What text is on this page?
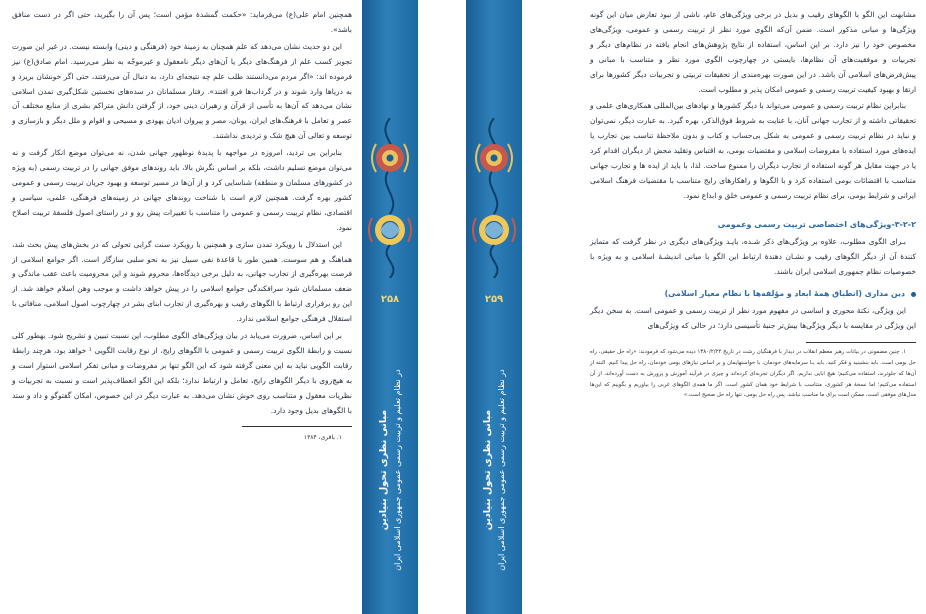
همچنین امام علی(ع) می‌فرماید: «حکمت گمشدهٔ مؤمن است؛ پس آن را بگیرید، حتی اگر در دست منافق باشد».

این دو حدیث نشان می‌دهد که علم همچنان به زمینهٔ خود (فرهنگی و دینی) وابسته نیست. در غیر این صورت تجویز کسب علم از فرهنگ‌های دیگر یا آن‌های دیگر نامعقول و غیرموجّه به نظر می‌رسید. امام صادق(ع) نیز فرموده اند: «اگر مردم می‌دانستند طلب علم چه نتیجه‌ای دارد، به دنبال آن می‌رفتند، حتی اگر خونشان بریزد و به دریاها وارد شوند و در گرداب‌ها فرو افتند». رفتار مسلمانان در سده‌های نخستین شکل‌گیری تمدن اسلامی نشان می‌دهد که آن‌ها به تأسی از قرآن و رهبران دینی خود، از گرفتن دانش متراکم بشری از منابع مختلف آن عصر و تعامل با فرهنگ‌های ایران، یونان، مصر و پیروان ادیان یهودی و مسیحی و اقوام و ملل دیگر و بازسازی و توسعه و تعالی آن هیچ شک و تردیدی نداشتند.

بنابراین بی تردید، امروزه در مواجهه با پدیدهٔ نوظهور جهانی شدن، نه می‌توان موضع انکار گرفت و نه می‌توان موضع تسلیم داشت، بلکه بر اساس نگرش بالا، باید روندهای موفق جهانی را در تربیت رسمی (به ویژه در کشورهای مسلمان و منطقه) شناسایی کرد و از آن‌ها در مسیر توسعه و بهبود جریان تربیت رسمی و عمومی کشور بهره گرفت. همچنین لازم است با شناخت روندهای جهانی در زمینه‌های فرهنگی، علمی، سیاسی و اقتصادی، نظام تربیت رسمی و عمومی را متناسب با تغییرات پیش رو و در راستای اصول فلسفهٔ تربیت اصلاح نمود.

این استدلال با رویکرد تمدن سازی و همچنین با رویکرد سنت گرایی تحولی که در بخش‌های پیش بحث شد، هماهنگ و هم سوست. همین طور با قاعدهٔ نفی سبیل نیز به نحو سلبی سازگار است. اگر جوامع اسلامی از فرصت بهره‌گیری از تجارب جهانی، به دلیل برخی دیدگاه‌ها، محروم شوند و این محرومیت باعث عقب ماندگی و ضعف مسلمانان شود سرافکندگی جوامع اسلامی را در پیش خواهد داشت و موجب وهن اسلام خواهد شد. از این رو برقراری ارتباط با الگوهای رقیب و بهره‌گیری از تجارب ابنای بشر در چهارچوب اصول اسلامی، منافاتی با استقلال فرهنگی جوامع اسلامی ندارد.

بر این اساس، ضرورت می‌یابد در بیان ویژگی‌های الگوی مطلوب، این نسبت تبیین و تشریح شود. بهطور کلی نسبت و رابطهٔ الگوی تربیت رسمی و عمومی با الگوهای رایج، از نوع رقابت الگویی ¹ خواهد بود، هرچند رابطهٔ رقابت الگویی نباید به این معنی گرفته شود که این الگو تنها بر مفروضات و مبانی تفکر اسلامی استوار است و به هیچ‌روی با دیگر الگوهای رایج، تعامل و ارتباط ندارد؛ بلکه این الگو انعطاف‌پذیر است و نسبت به تجربیات و نظریات معقول و متناسب روی خوش نشان می‌دهد. به عبارت دیگر در این خصوص، امکان گفتوگو و داد و ستد با الگوهای بدیل وجود دارد.

۱. باقری، ۱۳۸۴

۲۵۸
مبانی نظری تحول بنیادین در نظام تعلیم و تربیت رسمی عمومی جمهوری اسلامی ایران
۲۵۹
مبانی نظری تحول بنیادین در نظام تعلیم و تربیت رسمی عمومی جمهوری اسلامی ایران

مشابهت این الگو با الگوهای رقیب و بدیل در برخی ویژگی‌های عام، ناشی از نبود تعارض میان این گونه ویژگی‌ها و مبانی مذکور است. ضمن آن‌که الگوی مورد نظر از تربیت رسمی و عمومی، ویژگی‌های مخصوص خود را نیز دارد. بر این اساس، استفاده از نتایج پژوهش‌های انجام یافته در نظام‌های دیگر و تجربیات و موفقیت‌های آن نظام‌ها، بایستی در چهارچوب الگوی مورد نظر و متناسب با مبانی و پیش‌فرض‌های اسلامی آن باشد. در این صورت بهره‌مندی از تحقیقات تربیتی و تجربیات دیگر کشورها برای ارتقا و بهبود کیفیت تربیت رسمی و عمومی امکان پذیر و مطلوب است.

بنابراین نظام تربیت رسمی و عمومی می‌تواند با دیگر کشورها و نهادهای بین‌المللی همکاری‌های علمی و تحقیقاتی داشته و از تجارب جهانی آنان، با عنایت به شروط فوق‌الذکر، بهره گیرد. به عبارت دیگر، نمی‌توان و نباید در نظام تربیت رسمی و عمومی به شکل بی‌حساب و کتاب و بدون ملاحظهٔ تناسب بین تجارب یا ایده‌های مورد استفاده با مفروضات اسلامی و مقتضیات بومی، به اقتباس وتقلید محض از دیگران اقدام کرد یا در جهت مقابل هر گونه استفاده از تجارب دیگران را ممنوع ساخت. لذا، با باید از ایده ها و تجارب جهانی متناسب با اقتضائات بومی استفاده کرد و با الگوها و راهکارهای رایج متناسب با مقتضیات فرهنگ اسلامی ایرانی و شرایط بومی، برای نظام تربیت رسمی و عمومی خلق و ابداع نمود.

۳-۲-۲-ویژگی‌های اختصاصی تربیت رسمی وعمومی

بـرای الگوی مطلوب، علاوه بر ویژگی‌های ذکر شـده، بایـد ویژگی‌های دیگری در نظر گرفت که متمایز کنندهٔ آن از دیگر الگوهای رقیب و نشـان دهندهٔ ارتباط این الگو با مبانی اندیشـهٔ اسلامی و به ویژه با خصوصیات نظام جمهوری اسلامی ایران باشند.

دین مداری (انطباق همهٔ ابعاد و مؤلفه‌ها با نظام معیار اسلامی)

این ویژگی، نکتهٔ محوری و اساسی در مفهوم مورد نظر از تربیت رسمی و عمومی است. به سخن دیگر این ویژگی در مقایسه با دیگر ویژگی‌ها بیش‌تر جنبهٔ تأسیسی دارد؛ در حالی که ویژگی‌های

۱. چنین مضمونی در بیانات رهبر معظم انقلاب در دیدار با فرهنگیان رشت در تاریخ ۱۳۸۰/۲/۲۴ دیده می‌شود که فرمودند: «راه حل حقیقی، راه حل بومی است. باید بنشینید و فکر کنید. باید بـا سرمایه‌های خودمان، با خواستهایمان و بر اساس نیازهای بومی خودمان، راه حل پیدا کنیم. البته از آن‌ها که جلوترند، استفاده می‌کنیم؛ هیچ ابایی نداریم. اگر دیگران تجربه‌ای کرده‌اند و چیزی در فرآیند آموزش و پرورش به دست آورده‌اند، از آن استفاده می‌کنیم؛ اما نسخهٔ هر کشوری، متناسب با شرایط خود همان کشور است. اگر ما همه‌ی الگوهای غربی را بیاوریم و بگوییم که این‌ها مدل‌های موفقی است، ممکن است برای ما مناسب نباشد. پس راه حل بومی، تنها راه حل صحیح است.»
